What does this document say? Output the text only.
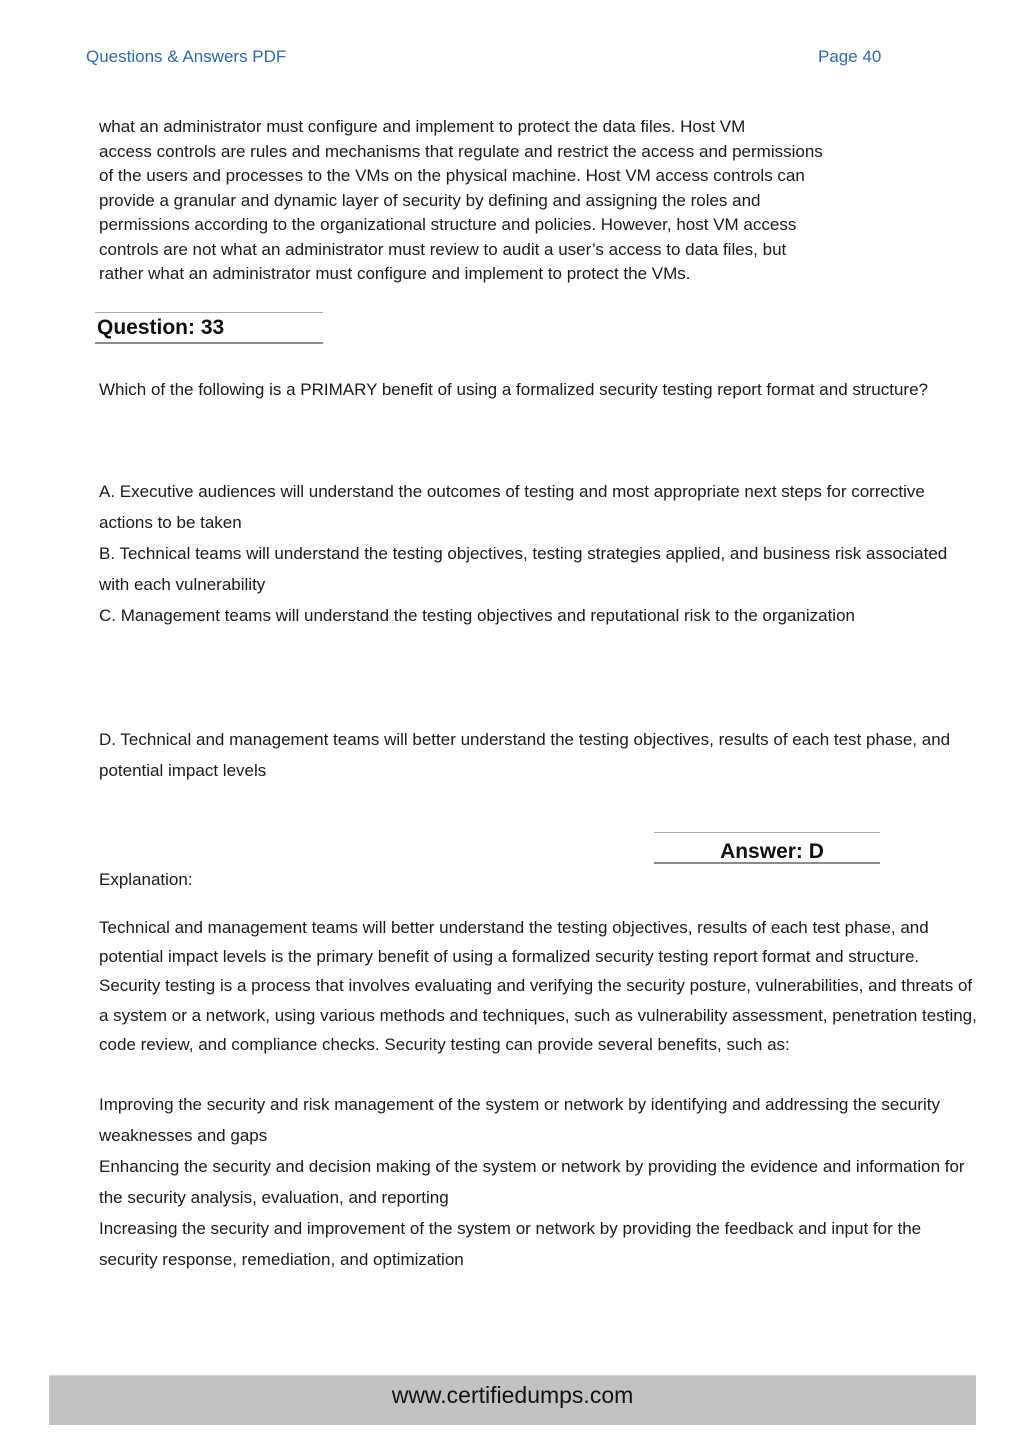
Questions & Answers PDF	Page 40

what an administrator must configure and implement to protect the data files. Host VM

access controls are rules and mechanisms that regulate and restrict the access and permissions

of the users and processes to the VMs on the physical machine. Host VM access controls can

provide a granular and dynamic layer of security by defining and assigning the roles and

permissions according to the organizational structure and policies. However, host VM access

controls are not what an administrator must review to audit a user’s access to data files, but

rather what an administrator must configure and implement to protect the VMs.

Question: 33
Which of the following is a PRIMARY benefit of using a formalized security testing report format and structure?
A. Executive audiences will understand the outcomes of testing and most appropriate next steps for corrective actions to be taken
B. Technical teams will understand the testing objectives, testing strategies applied, and business risk associated with each vulnerability
C. Management teams will understand the testing objectives and reputational risk to the organization
D. Technical and management teams will better understand the testing objectives, results of each test phase, and potential impact levels
Answer: D
Explanation:
Technical and management teams will better understand the testing objectives, results of each test phase, and potential impact levels is the primary benefit of using a formalized security testing report format and structure. Security testing is a process that involves evaluating and verifying the security posture, vulnerabilities, and threats of a system or a network, using various methods and techniques, such as vulnerability assessment, penetration testing, code review, and compliance checks. Security testing can provide several benefits, such as:
Improving the security and risk management of the system or network by identifying and addressing the security weaknesses and gaps
Enhancing the security and decision making of the system or network by providing the evidence and information for the security analysis, evaluation, and reporting
Increasing the security and improvement of the system or network by providing the feedback and input for the security response, remediation, and optimization
www.certifiedumps.com
